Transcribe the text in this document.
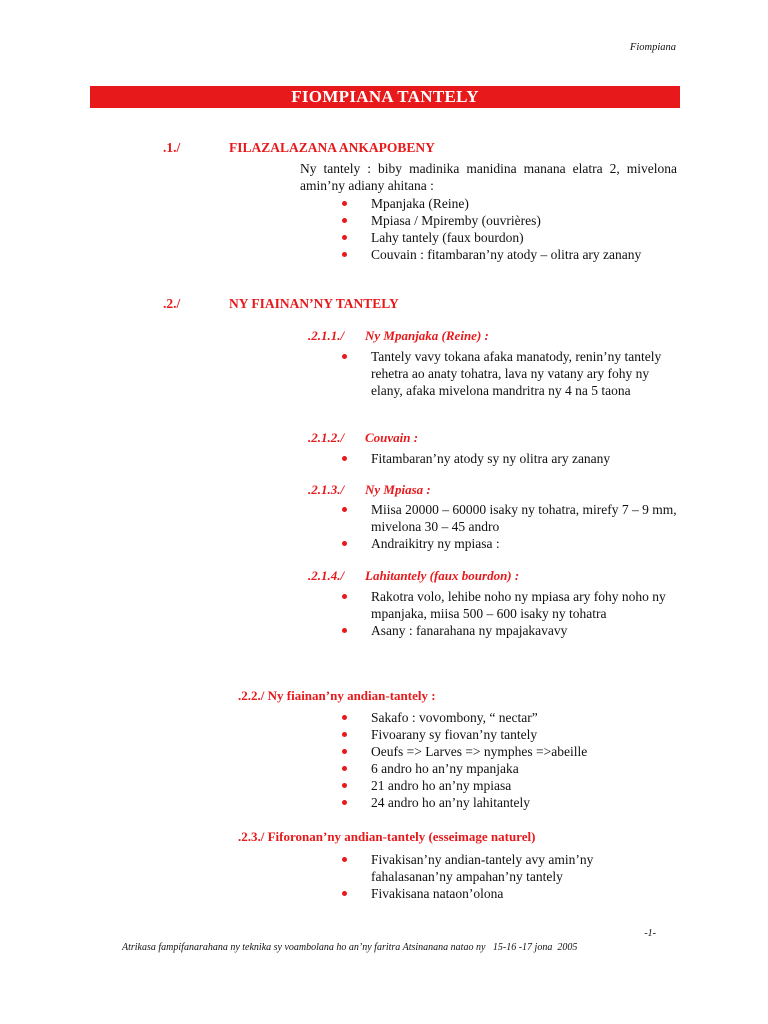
Fiompiana
FIOMPIANA TANTELY
.1./	FILAZALAZANA ANKAPOBENY

Ny tantely : biby madinika manidina manana elatra 2, mivelona amin’ny adiany ahitana :

Mpanjaka (Reine)
Mpiasa / Mpiremby (ouvrières)
Lahy tantely (faux bourdon)
Couvain : fitambaran’ny atody – olitra ary zanany
.2./	NY FIAINAN’NY TANTELY
.2.1.1./ Ny Mpanjaka (Reine) :
Tantely vavy tokana afaka manatody, renin’ny tantely rehetra ao anaty tohatra, lava ny vatany ary fohy ny elany, afaka mivelona mandritra ny 4 na 5 taona
.2.1.2./ Couvain :
Fitambaran’ny atody sy ny olitra ary zanany
.2.1.3./ Ny Mpiasa :
Miisa 20000 – 60000 isaky ny tohatra, mirefy 7 – 9 mm, mivelona 30 – 45 andro
Andraikitry ny mpiasa :
.2.1.4./ Lahitantely (faux bourdon) :
Rakotra volo, lehibe noho ny mpiasa ary fohy noho ny mpanjaka, miisa 500 – 600 isaky ny tohatra
Asany : fanarahana ny mpajakavavy
.2.2./ Ny fiainan’ny andian-tantely :
Sakafo : vovombony, “ nectar”
Fivoarany sy fiovan’ny tantely
Oeufs => Larves => nymphes =>abeille
6 andro ho an’ny mpanjaka
21 andro ho an’ny mpiasa
24 andro ho an’ny lahitantely
.2.3./ Fiforonan’ny andian-tantely (esseimage naturel)
Fivakisan’ny andian-tantely avy amin’ny fahalasanan’ny ampahan’ny tantely
Fivakisana nataon’olona
-1-
Atrikasa fampifanarahana ny teknika sy voambolana ho an’ny faritra Atsinanana natao ny   15-16 -17 jona  2005
